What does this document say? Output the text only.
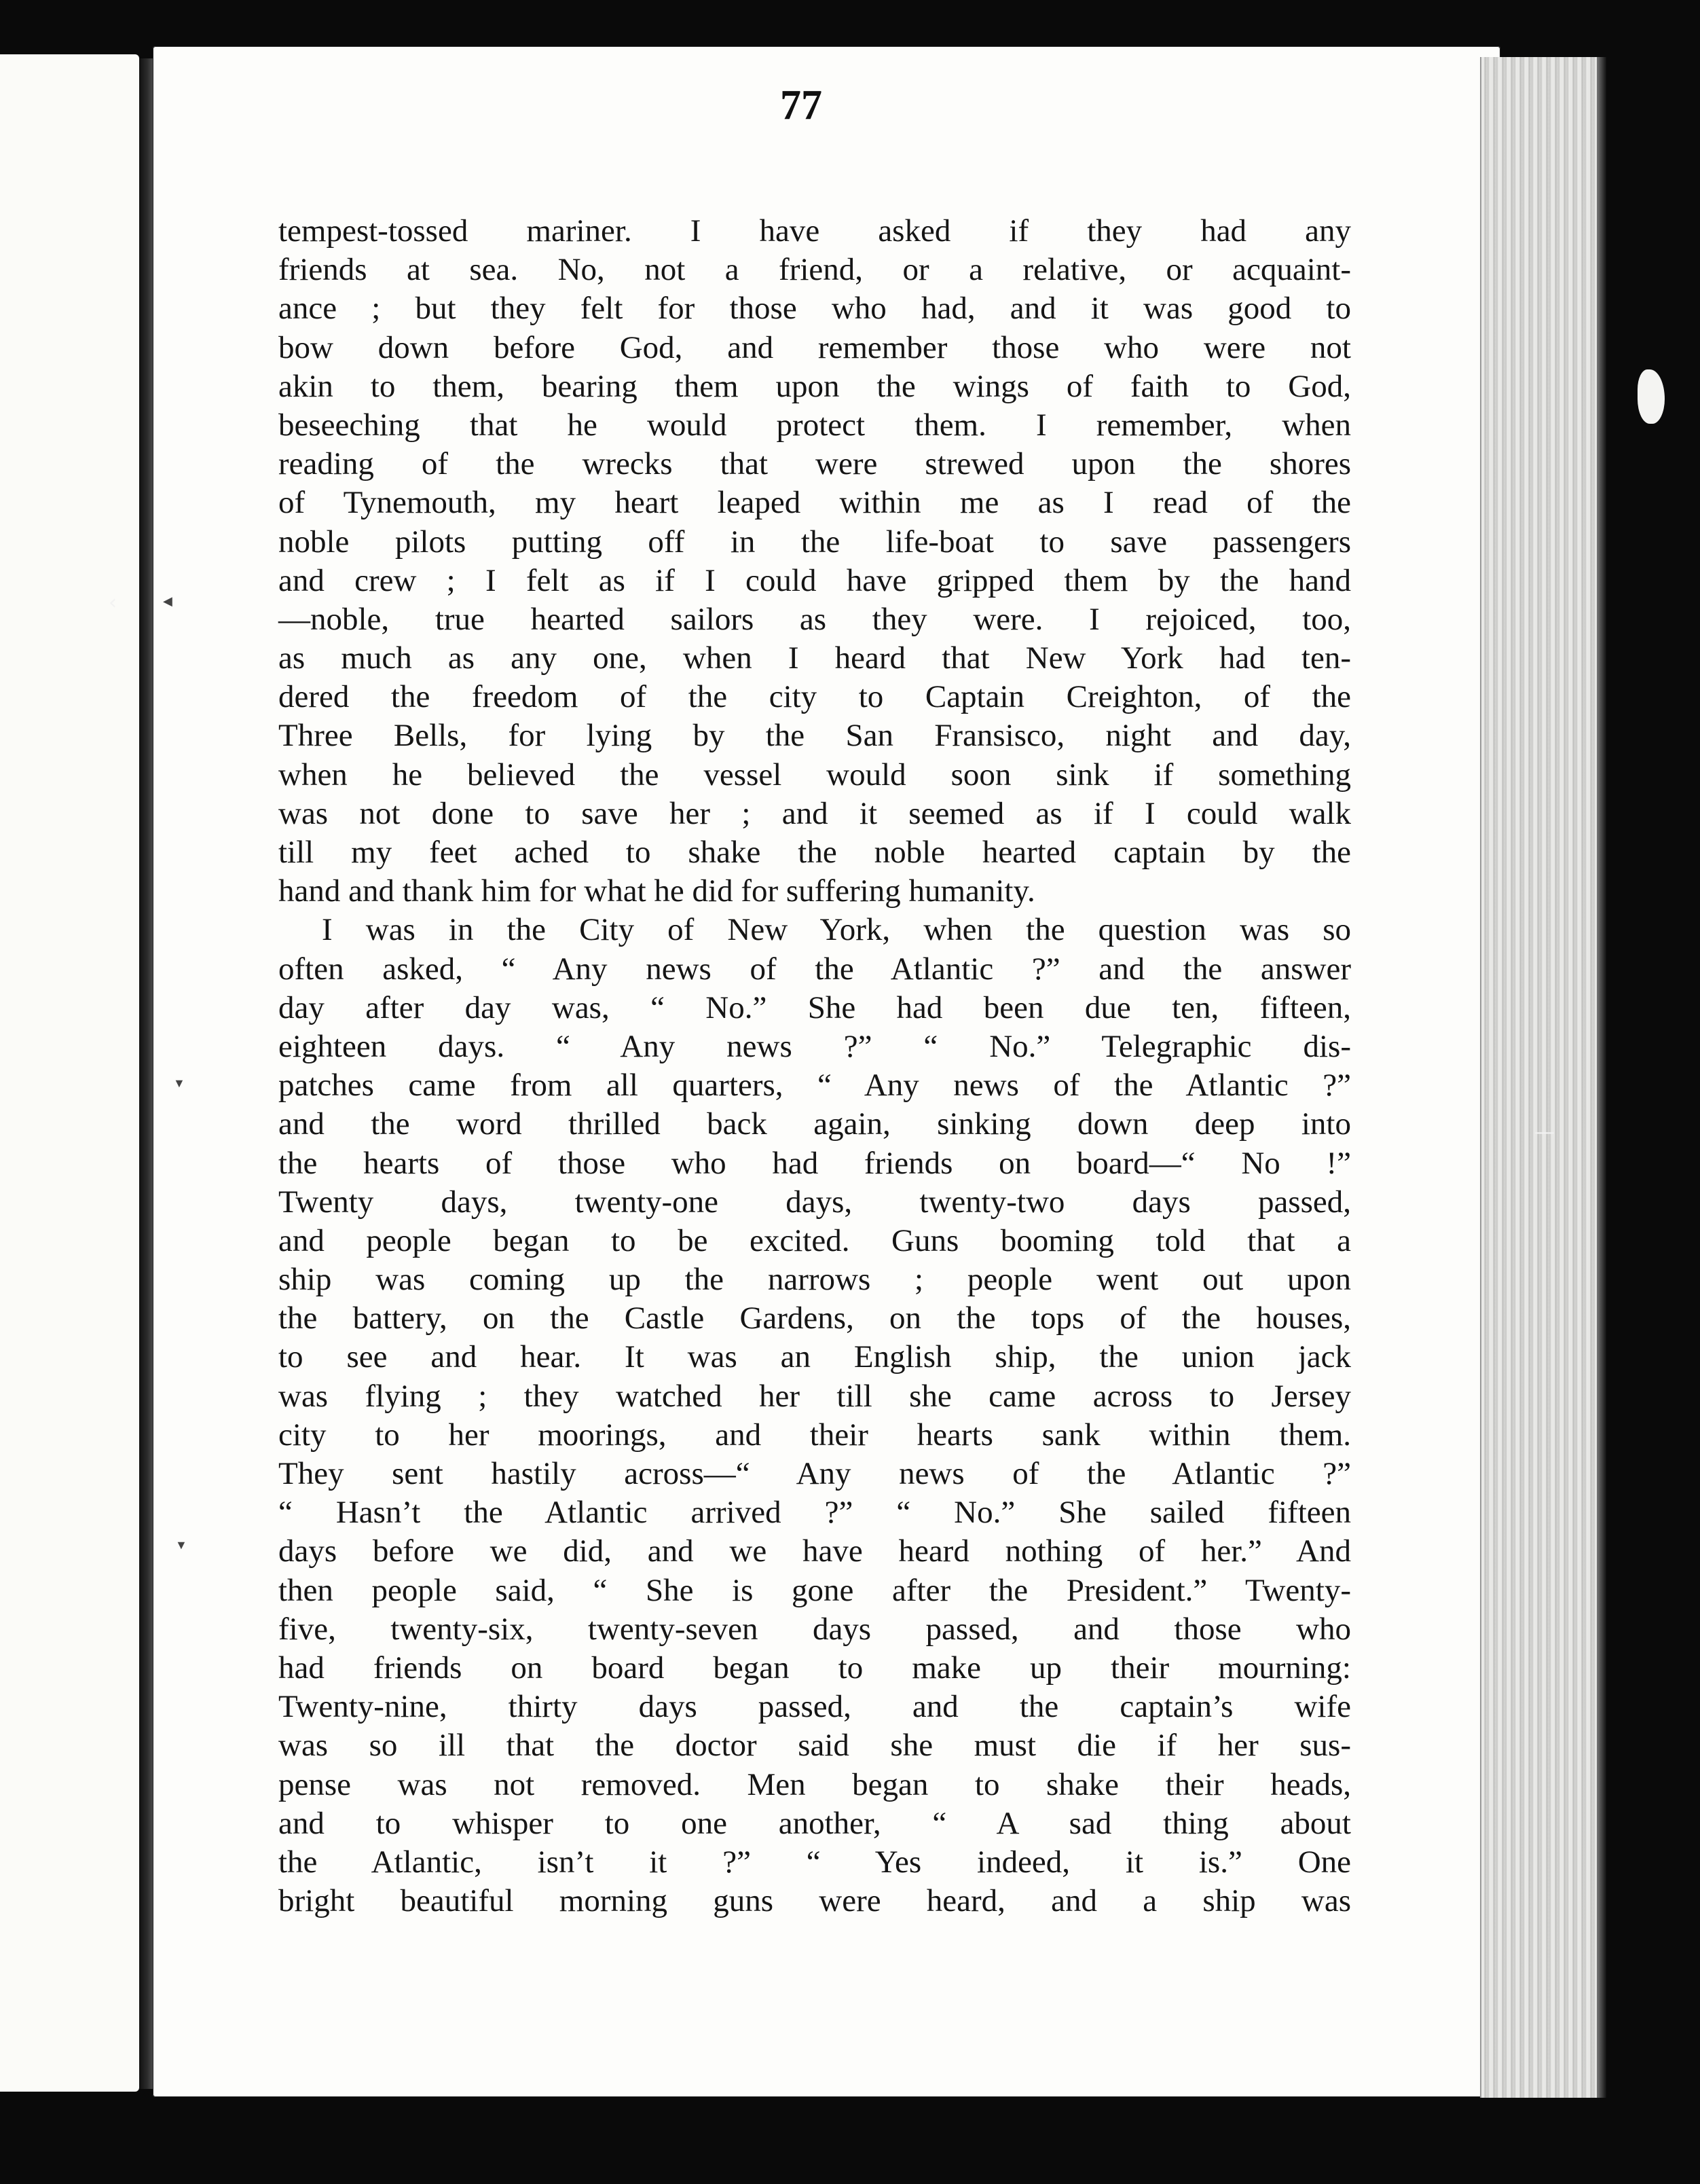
77
tempest-tossed mariner. I have asked if they had any
friends at sea. No, not a friend, or a relative, or acquaint-
ance ; but they felt for those who had, and it was good to
bow down before God, and remember those who were not
akin to them, bearing them upon the wings of faith to God,
beseeching that he would protect them. I remember, when
reading of the wrecks that were strewed upon the shores
of Tynemouth, my heart leaped within me as I read of the
noble pilots putting off in the life-boat to save passengers
and crew ; I felt as if I could have gripped them by the hand
—noble, true hearted sailors as they were. I rejoiced, too,
as much as any one, when I heard that New York had ten-
dered the freedom of the city to Captain Creighton, of the
Three Bells, for lying by the San Fransisco, night and day,
when he believed the vessel would soon sink if something
was not done to save her ; and it seemed as if I could walk
till my feet ached to shake the noble hearted captain by the
hand and thank him for what he did for suffering humanity.
I was in the City of New York, when the question was so
often asked, “ Any news of the Atlantic ?” and the answer
day after day was, “ No.” She had been due ten, fifteen,
eighteen days. “ Any news ?” “ No.” Telegraphic dis-
patches came from all quarters, “ Any news of the Atlantic ?”
and the word thrilled back again, sinking down deep into
the hearts of those who had friends on board—“ No !”
Twenty days, twenty-one days, twenty-two days passed,
and people began to be excited. Guns booming told that a
ship was coming up the narrows ; people went out upon
the battery, on the Castle Gardens, on the tops of the houses,
to see and hear. It was an English ship, the union jack
was flying ; they watched her till she came across to Jersey
city to her moorings, and their hearts sank within them.
They sent hastily across—“ Any news of the Atlantic ?”
“ Hasn’t the Atlantic arrived ?” “ No.” She sailed fifteen
days before we did, and we have heard nothing of her.” And
then people said, “ She is gone after the President.” Twenty-
five, twenty-six, twenty-seven days passed, and those who
had friends on board began to make up their mourning:
Twenty-nine, thirty days passed, and the captain’s wife
was so ill that the doctor said she must die if her sus-
pense was not removed. Men began to shake their heads,
and to whisper to one another, “ A sad thing about
the Atlantic, isn’t it ?” “ Yes indeed, it is.” One
bright beautiful morning guns were heard, and a ship was
◀
▼
▼
‹
—
